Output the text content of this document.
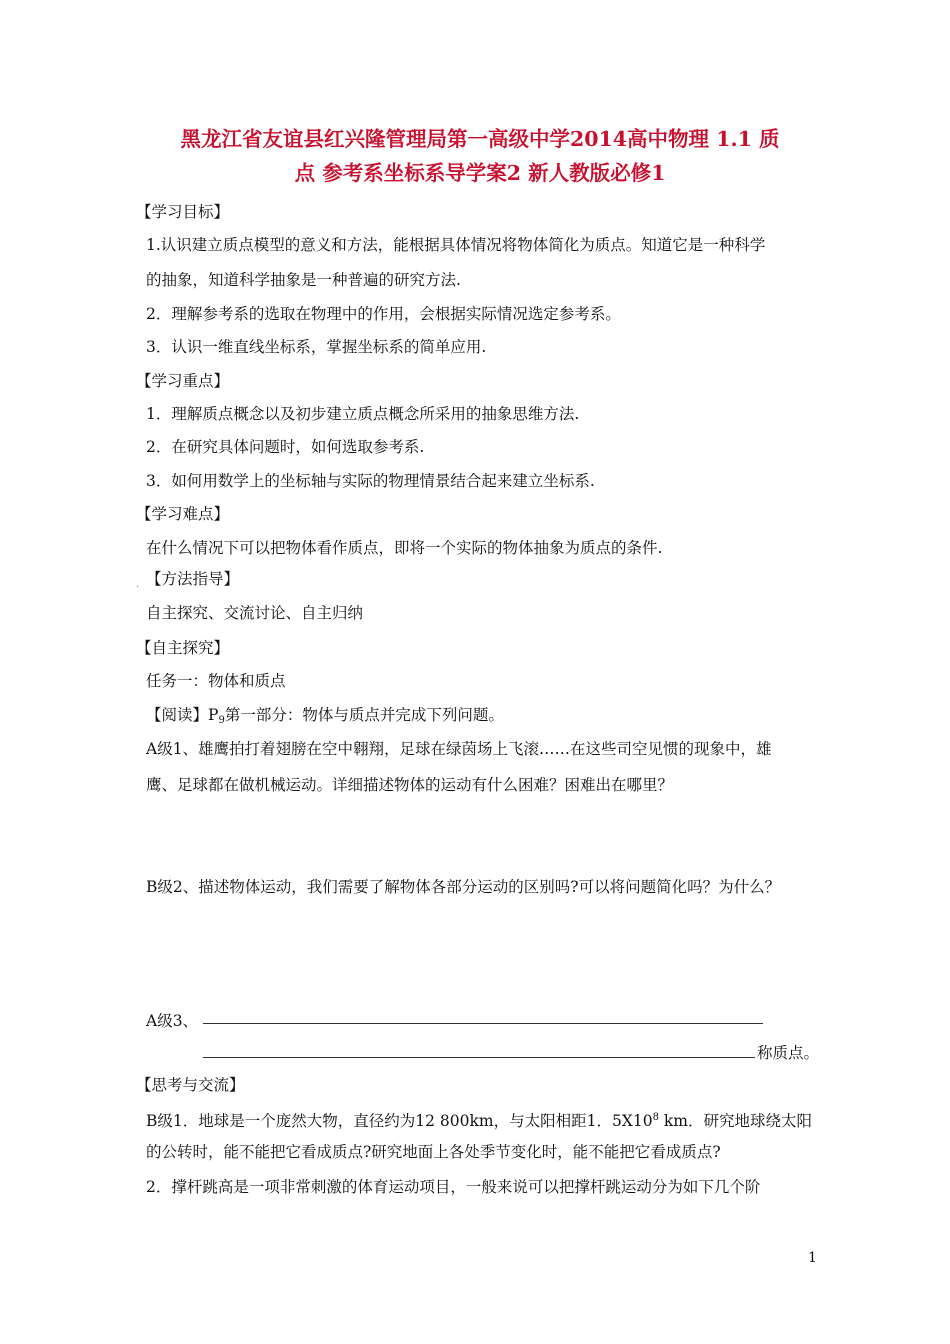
黑龙江省友谊县红兴隆管理局第一高级中学2014高中物理 1.1 质
点 参考系坐标系导学案2 新人教版必修1
【学习目标】
1.认识建立质点模型的意义和方法，能根据具体情况将物体简化为质点。知道它是一种科学
的抽象，知道科学抽象是一种普遍的研究方法.
2．理解参考系的选取在物理中的作用，会根据实际情况选定参考系。
3．认识一维直线坐标系，掌握坐标系的简单应用.
【学习重点】
1．理解质点概念以及初步建立质点概念所采用的抽象思维方法.
2．在研究具体问题时，如何选取参考系.
3．如何用数学上的坐标轴与实际的物理情景结合起来建立坐标系.
【学习难点】
在什么情况下可以把物体看作质点，即将一个实际的物体抽象为质点的条件.
. 【方法指导】
自主探究、交流讨论、自主归纳
【自主探究】
任务一：物体和质点
【阅读】$P_9$第一部分：物体与质点并完成下列问题。
A级1、雄鹰拍打着翅膀在空中翱翔，足球在绿茵场上飞滚……在这些司空见惯的现象中，雄
鹰、足球都在做机械运动。详细描述物体的运动有什么困难？困难出在哪里？
B级2、描述物体运动，我们需要了解物体各部分运动的区别吗?可以将问题简化吗？为什么？
A级3、
称质点。
【思考与交流】
B级1．地球是一个庞然大物，直径约为12 800km，与太阳相距1．$5X10^8$ km．研究地球绕太阳
的公转时，能不能把它看成质点?研究地面上各处季节变化时，能不能把它看成质点?
2．撑杆跳高是一项非常刺激的体育运动项目，一般来说可以把撑杆跳运动分为如下几个阶
1
